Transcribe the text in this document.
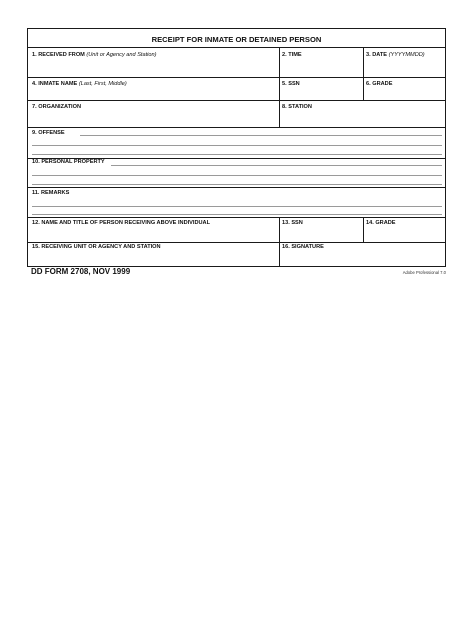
RECEIPT FOR INMATE OR DETAINED PERSON
1. RECEIVED FROM (Unit or Agency and Station)	2. TIME	3. DATE (YYYYMMDD)
4. INMATE NAME (Last, First, Middle)	5. SSN	6. GRADE
7. ORGANIZATION	8. STATION
9. OFFENSE
10. PERSONAL PROPERTY
11. REMARKS
12. NAME AND TITLE OF PERSON RECEIVING ABOVE INDIVIDUAL	13. SSN	14. GRADE
15. RECEIVING UNIT OR AGENCY AND STATION	16. SIGNATURE
DD FORM 2708, NOV 1999	Adobe Professional 7.0
